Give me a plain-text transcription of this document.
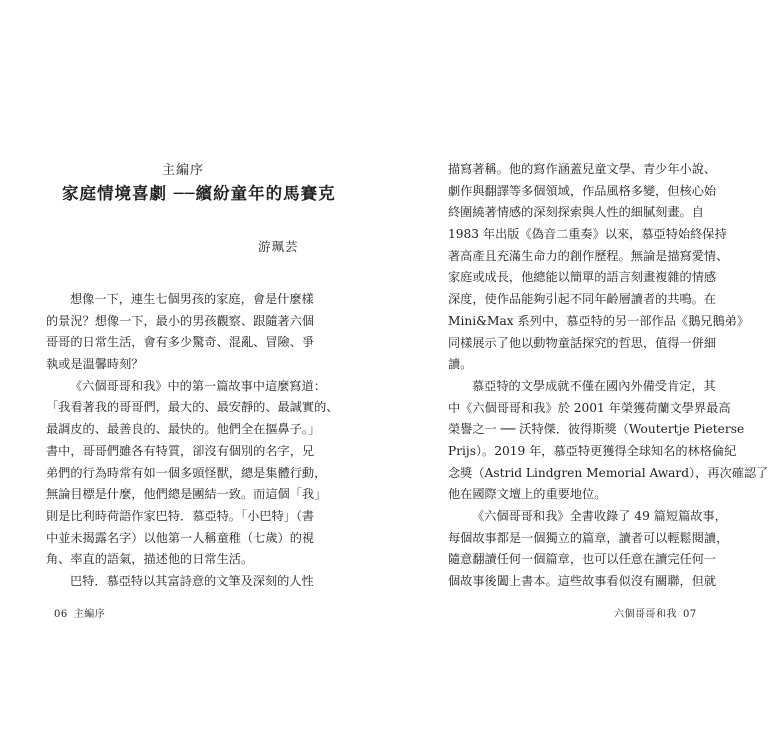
主編序
家庭情境喜劇 ──繽紛童年的馬賽克
游珮芸
想像一下，連生七個男孩的家庭，會是什麼樣
的景況？想像一下，最小的男孩觀察、跟隨著六個
哥哥的日常生活，會有多少驚奇、混亂、冒險、爭
執或是溫馨時刻？
《六個哥哥和我》中的第一篇故事中這麼寫道：
「我看著我的哥哥們，最大的、最安靜的、最誠實的、
最調皮的、最善良的、最快的。他們全在摳鼻子。」
書中，哥哥們雖各有特質，卻沒有個別的名字，兄
弟們的行為時常有如一個多頭怪獸，總是集體行動，
無論目標是什麼，他們總是團結一致。而這個「我」
則是比利時荷語作家巴特．慕亞特。「小巴特」（書
中並未揭露名字）以他第一人稱童稚（七歲）的視
角、率直的語氣，描述他的日常生活。
巴特．慕亞特以其富詩意的文筆及深刻的人性
06 主編序
描寫著稱。他的寫作涵蓋兒童文學、青少年小說、
劇作與翻譯等多個領域，作品風格多變，但核心始
終圍繞著情感的深刻探索與人性的細膩刻畫。自
1983 年出版《偽音二重奏》以來，慕亞特始終保持
著高產且充滿生命力的創作歷程。無論是描寫愛情、
家庭或成長，他總能以簡單的語言刻畫複雜的情感
深度，使作品能夠引起不同年齡層讀者的共鳴。在
Mini&Max 系列中，慕亞特的另一部作品《鵝兄鵝弟》
同樣展示了他以動物童話探究的哲思，值得一併細
讀。
慕亞特的文學成就不僅在國內外備受肯定，其
中《六個哥哥和我》於 2001 年榮獲荷蘭文學界最高
榮譽之一 ── 沃特傑．彼得斯獎（Woutertje Pieterse
Prijs）。2019 年，慕亞特更獲得全球知名的林格倫紀
念獎（Astrid Lindgren Memorial Award），再次確認了
他在國際文壇上的重要地位。
《六個哥哥和我》全書收錄了 49 篇短篇故事，
每個故事都是一個獨立的篇章，讀者可以輕鬆閱讀，
隨意翻讀任何一個篇章，也可以任意在讀完任何一
個故事後闔上書本。這些故事看似沒有關聯，但就
六個哥哥和我 07
